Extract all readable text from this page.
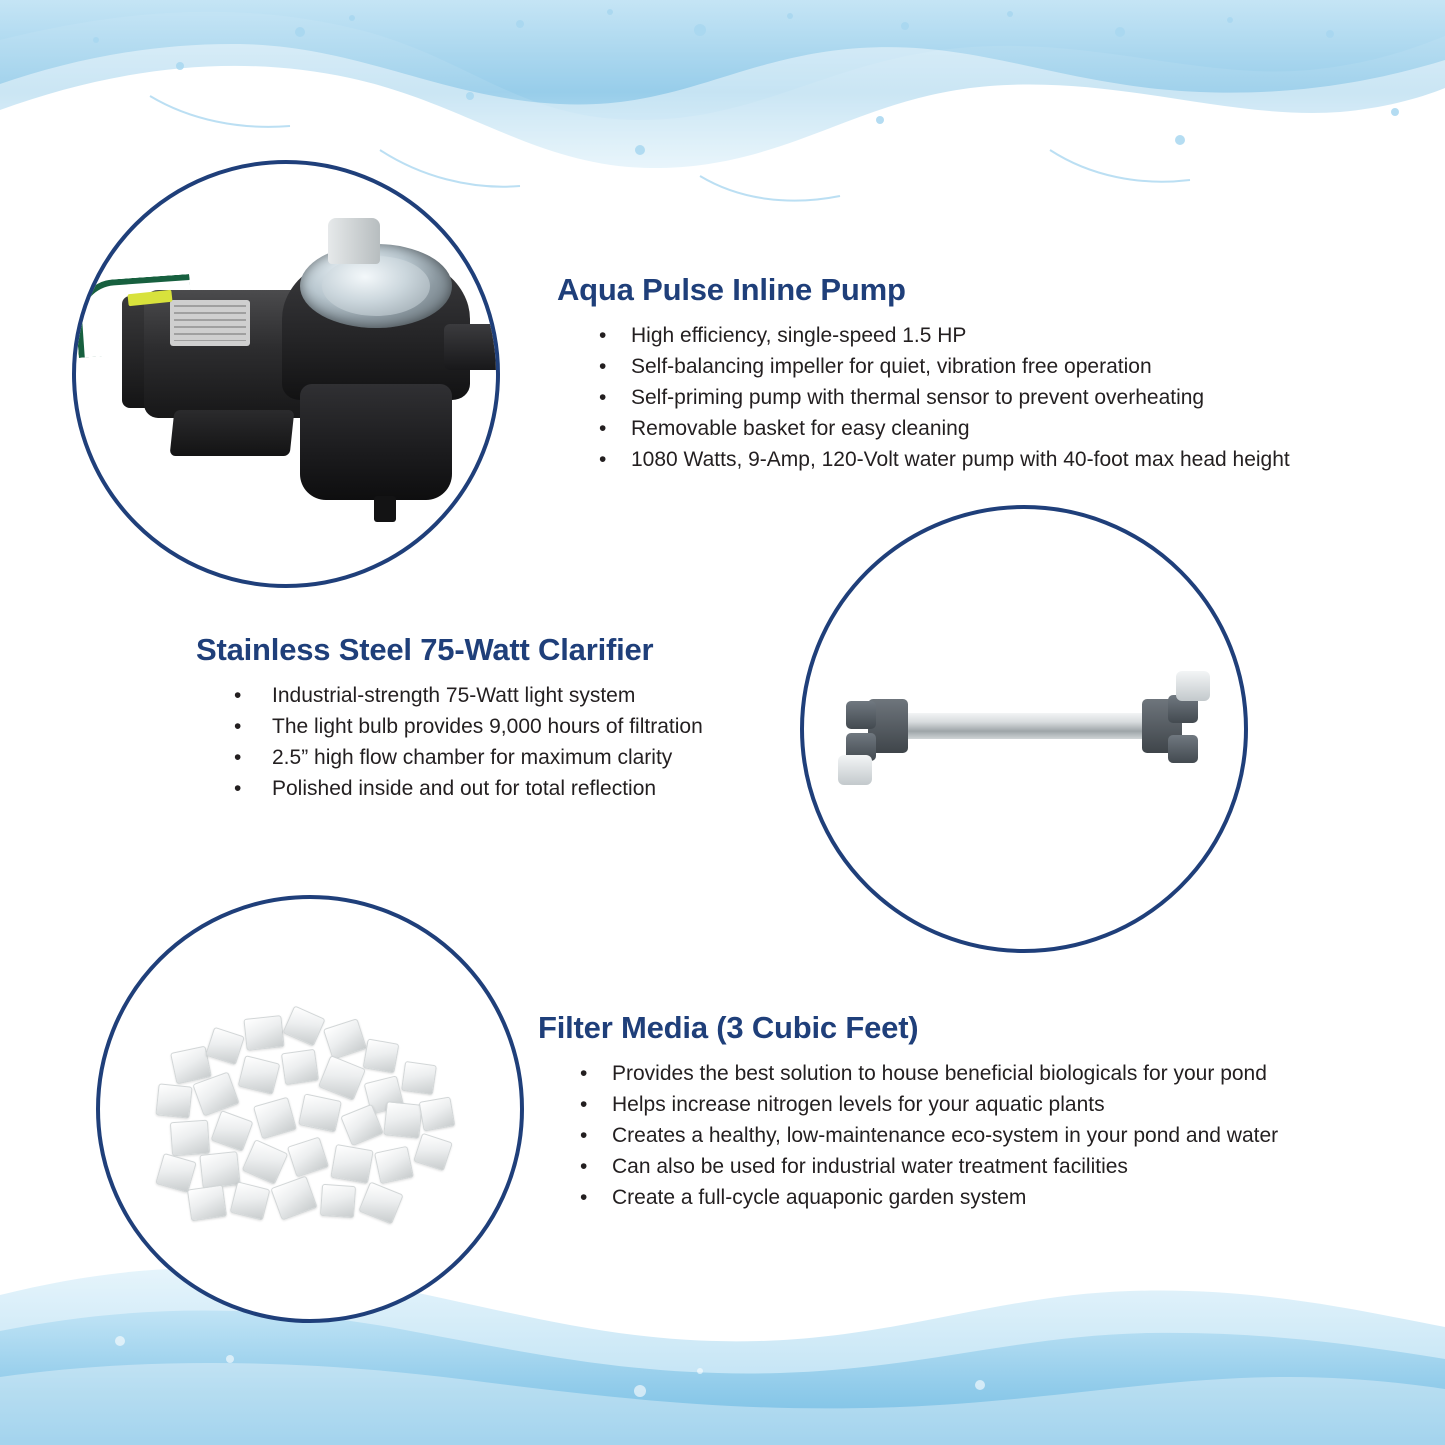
Aqua Pulse Inline Pump
• High efficiency, single-speed 1.5 HP
• Self-balancing impeller for quiet, vibration free operation
• Self-priming pump with thermal sensor to prevent overheating
• Removable basket for easy cleaning
• 1080 Watts, 9-Amp, 120-Volt water pump with 40-foot max head height
Stainless Steel 75-Watt Clarifier
• Industrial-strength 75-Watt light system
• The light bulb provides 9,000 hours of filtration
• 2.5” high flow chamber for maximum clarity
• Polished inside and out for total reflection
Filter Media (3 Cubic Feet)
• Provides the best solution to house beneficial biologicals for your pond
• Helps increase nitrogen levels for your aquatic plants
• Creates a healthy, low-maintenance eco-system in your pond and water
• Can also be used for industrial water treatment facilities
• Create a full-cycle aquaponic garden system
